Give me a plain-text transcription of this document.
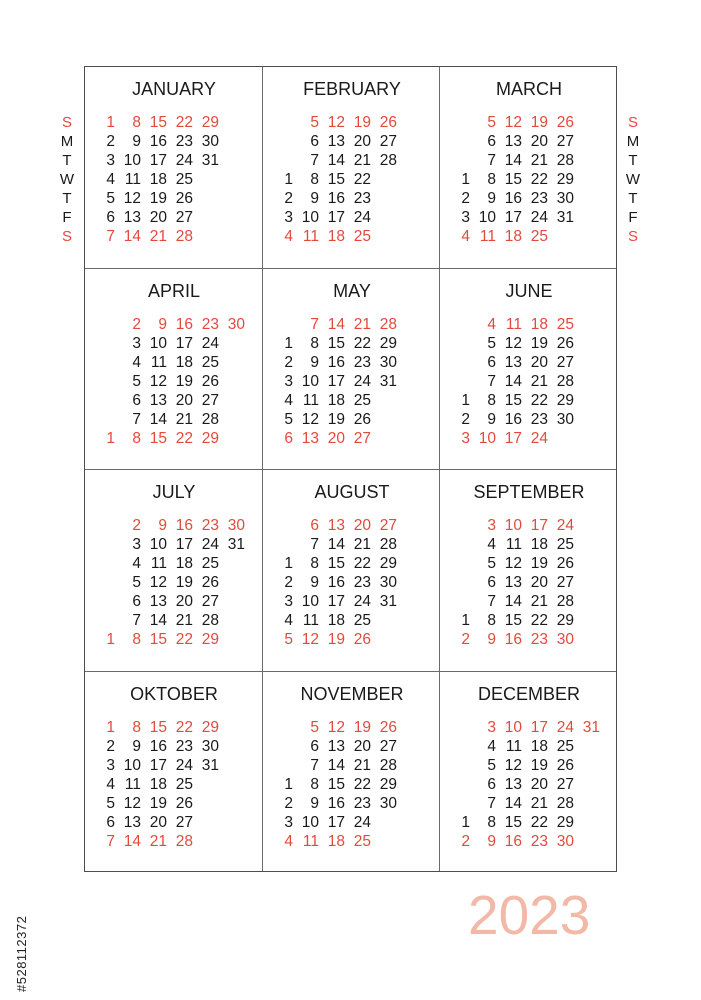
S
M
T
W
T
F
S
S
M
T
W
T
F
S
JANUARY
1
2
3
4
5
6
7
8
9
10
11
12
13
14
15
16
17
18
19
20
21
22
23
24
25
26
27
28
29
30
31
FEBRUARY
1
2
3
4
5
6
7
8
9
10
11
12
13
14
15
16
17
18
19
20
21
22
23
24
25
26
27
28
MARCH
1
2
3
4
5
6
7
8
9
10
11
12
13
14
15
16
17
18
19
20
21
22
23
24
25
26
27
28
29
30
31
APRIL
1
2
3
4
5
6
7
8
9
10
11
12
13
14
15
16
17
18
19
20
21
22
23
24
25
26
27
28
29
30
MAY
1
2
3
4
5
6
7
8
9
10
11
12
13
14
15
16
17
18
19
20
21
22
23
24
25
26
27
28
29
30
31
JUNE
1
2
3
4
5
6
7
8
9
10
11
12
13
14
15
16
17
18
19
20
21
22
23
24
25
26
27
28
29
30
JULY
1
2
3
4
5
6
7
8
9
10
11
12
13
14
15
16
17
18
19
20
21
22
23
24
25
26
27
28
29
30
31
AUGUST
1
2
3
4
5
6
7
8
9
10
11
12
13
14
15
16
17
18
19
20
21
22
23
24
25
26
27
28
29
30
31
SEPTEMBER
1
2
3
4
5
6
7
8
9
10
11
12
13
14
15
16
17
18
19
20
21
22
23
24
25
26
27
28
29
30
OKTOBER
1
2
3
4
5
6
7
8
9
10
11
12
13
14
15
16
17
18
19
20
21
22
23
24
25
26
27
28
29
30
31
NOVEMBER
1
2
3
4
5
6
7
8
9
10
11
12
13
14
15
16
17
18
19
20
21
22
23
24
25
26
27
28
29
30
DECEMBER
1
2
3
4
5
6
7
8
9
10
11
12
13
14
15
16
17
18
19
20
21
22
23
24
25
26
27
28
29
30
31
2023
#528112372
